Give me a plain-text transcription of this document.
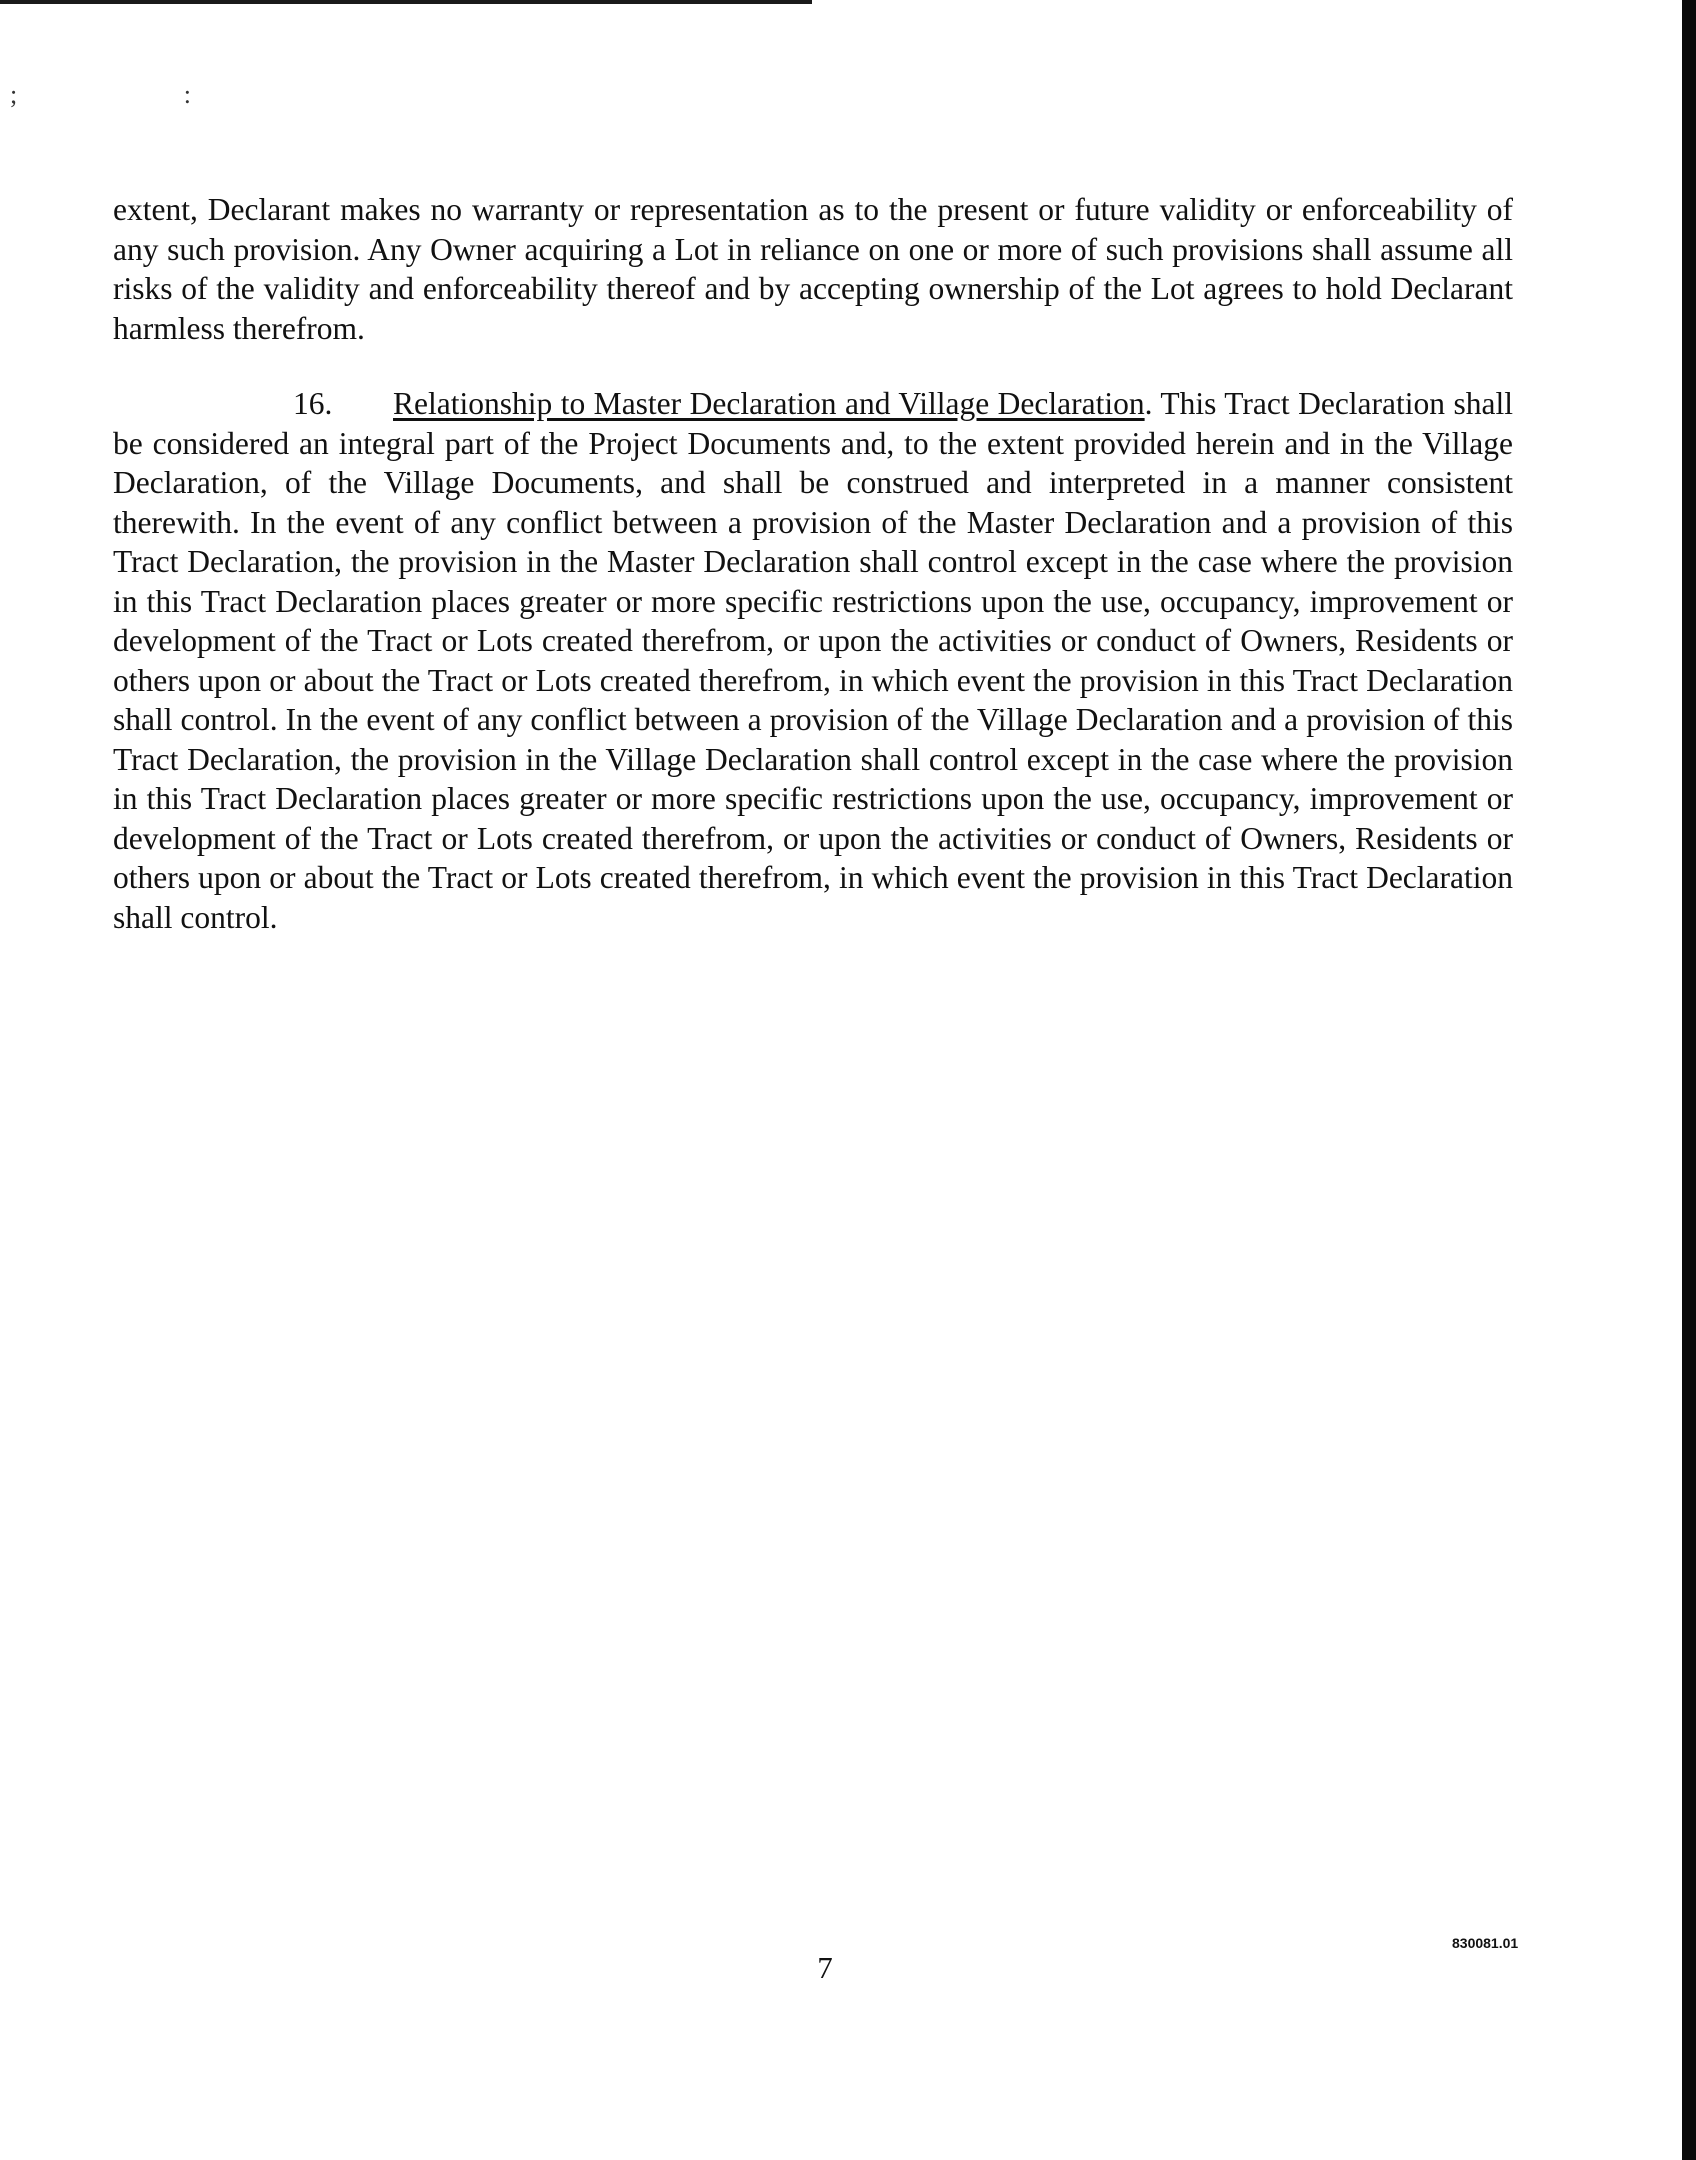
; :

extent, Declarant makes no warranty or representation as to the present or future validity or enforceability of any such provision. Any Owner acquiring a Lot in reliance on one or more of such provisions shall assume all risks of the validity and enforceability thereof and by accepting ownership of the Lot agrees to hold Declarant harmless therefrom.

16. Relationship to Master Declaration and Village Declaration. This Tract Declaration shall be considered an integral part of the Project Documents and, to the extent provided herein and in the Village Declaration, of the Village Documents, and shall be construed and interpreted in a manner consistent therewith. In the event of any conflict between a provision of the Master Declaration and a provision of this Tract Declaration, the provision in the Master Declaration shall control except in the case where the provision in this Tract Declaration places greater or more specific restrictions upon the use, occupancy, improvement or development of the Tract or Lots created therefrom, or upon the activities or conduct of Owners, Residents or others upon or about the Tract or Lots created therefrom, in which event the provision in this Tract Declaration shall control. In the event of any conflict between a provision of the Village Declaration and a provision of this Tract Declaration, the provision in the Village Declaration shall control except in the case where the provision in this Tract Declaration places greater or more specific restrictions upon the use, occupancy, improvement or development of the Tract or Lots created therefrom, or upon the activities or conduct of Owners, Residents or others upon or about the Tract or Lots created therefrom, in which event the provision in this Tract Declaration shall control.

7
830081.01
